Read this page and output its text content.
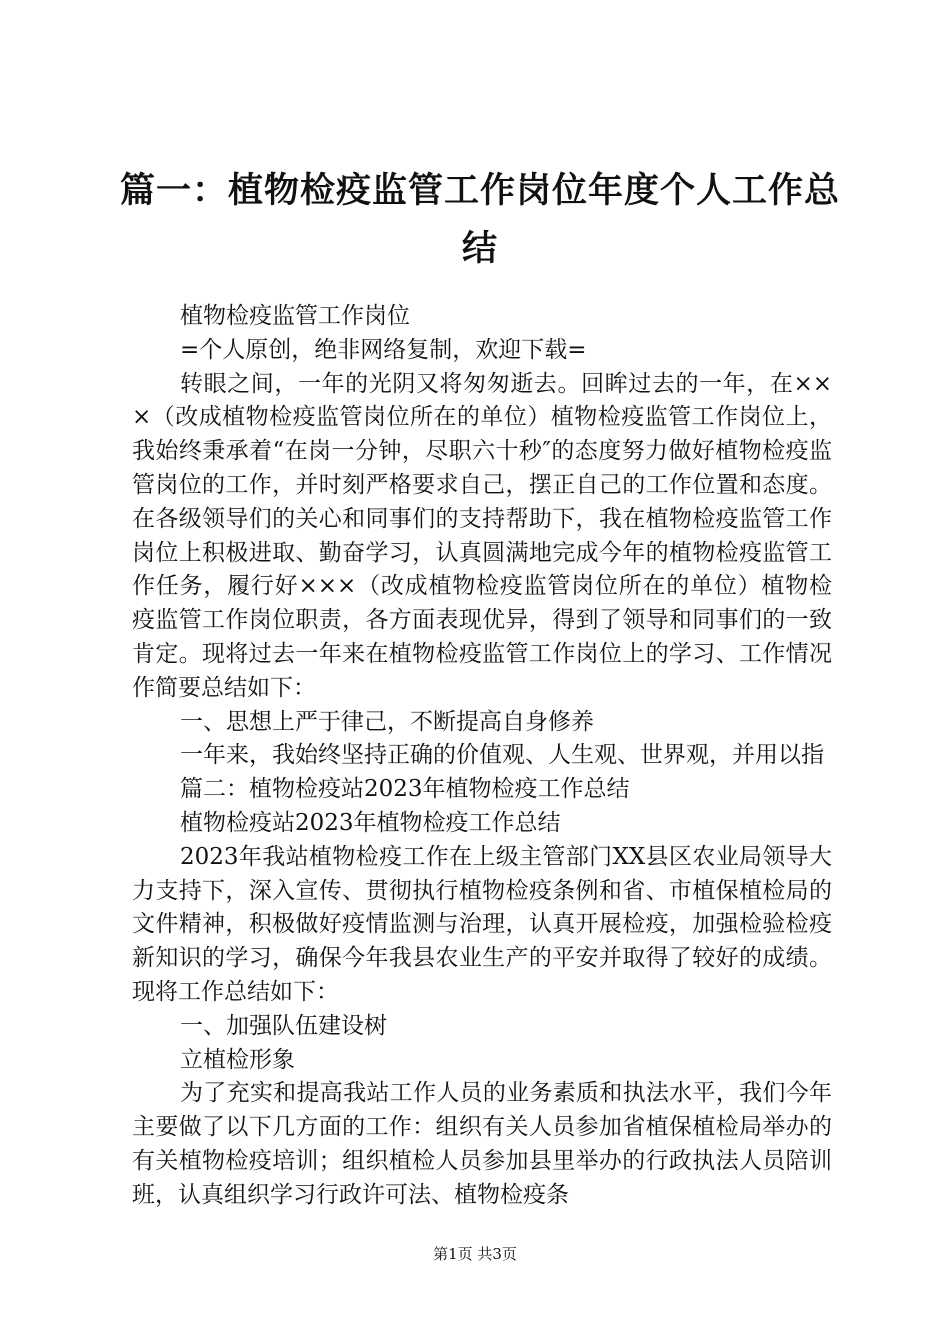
篇一：植物检疫监管工作岗位年度个人工作总结

植物检疫监管工作岗位

=个人原创，绝非网络复制，欢迎下载=

转眼之间，一年的光阴又将匆匆逝去。回眸过去的一年，在×××（改成植物检疫监管岗位所在的单位）植物检疫监管工作岗位上，我始终秉承着“在岗一分钟，尽职六十秒″的态度努力做好植物检疫监管岗位的工作，并时刻严格要求自己，摆正自己的工作位置和态度。在各级领导们的关心和同事们的支持帮助下，我在植物检疫监管工作岗位上积极进取、勤奋学习，认真圆满地完成今年的植物检疫监管工作任务，履行好×××（改成植物检疫监管岗位所在的单位）植物检疫监管工作岗位职责，各方面表现优异，得到了领导和同事们的一致肯定。现将过去一年来在植物检疫监管工作岗位上的学习、工作情况作简要总结如下：

一、思想上严于律己，不断提高自身修养

一年来，我始终坚持正确的价值观、人生观、世界观，并用以指

篇二：植物检疫站2023年植物检疫工作总结

植物检疫站2023年植物检疫工作总结

2023年我站植物检疫工作在上级主管部门XX县区农业局领导大力支持下，深入宣传、贯彻执行植物检疫条例和省、市植保植检局的文件精神，积极做好疫情监测与治理，认真开展检疫，加强检验检疫新知识的学习，确保今年我县农业生产的平安并取得了较好的成绩。现将工作总结如下：

一、加强队伍建设树

立植检形象

为了充实和提高我站工作人员的业务素质和执法水平，我们今年主要做了以下几方面的工作：组织有关人员参加省植保植检局举办的有关植物检疫培训；组织植检人员参加县里举办的行政执法人员陪训班，认真组织学习行政许可法、植物检疫条

第1页 共3页
